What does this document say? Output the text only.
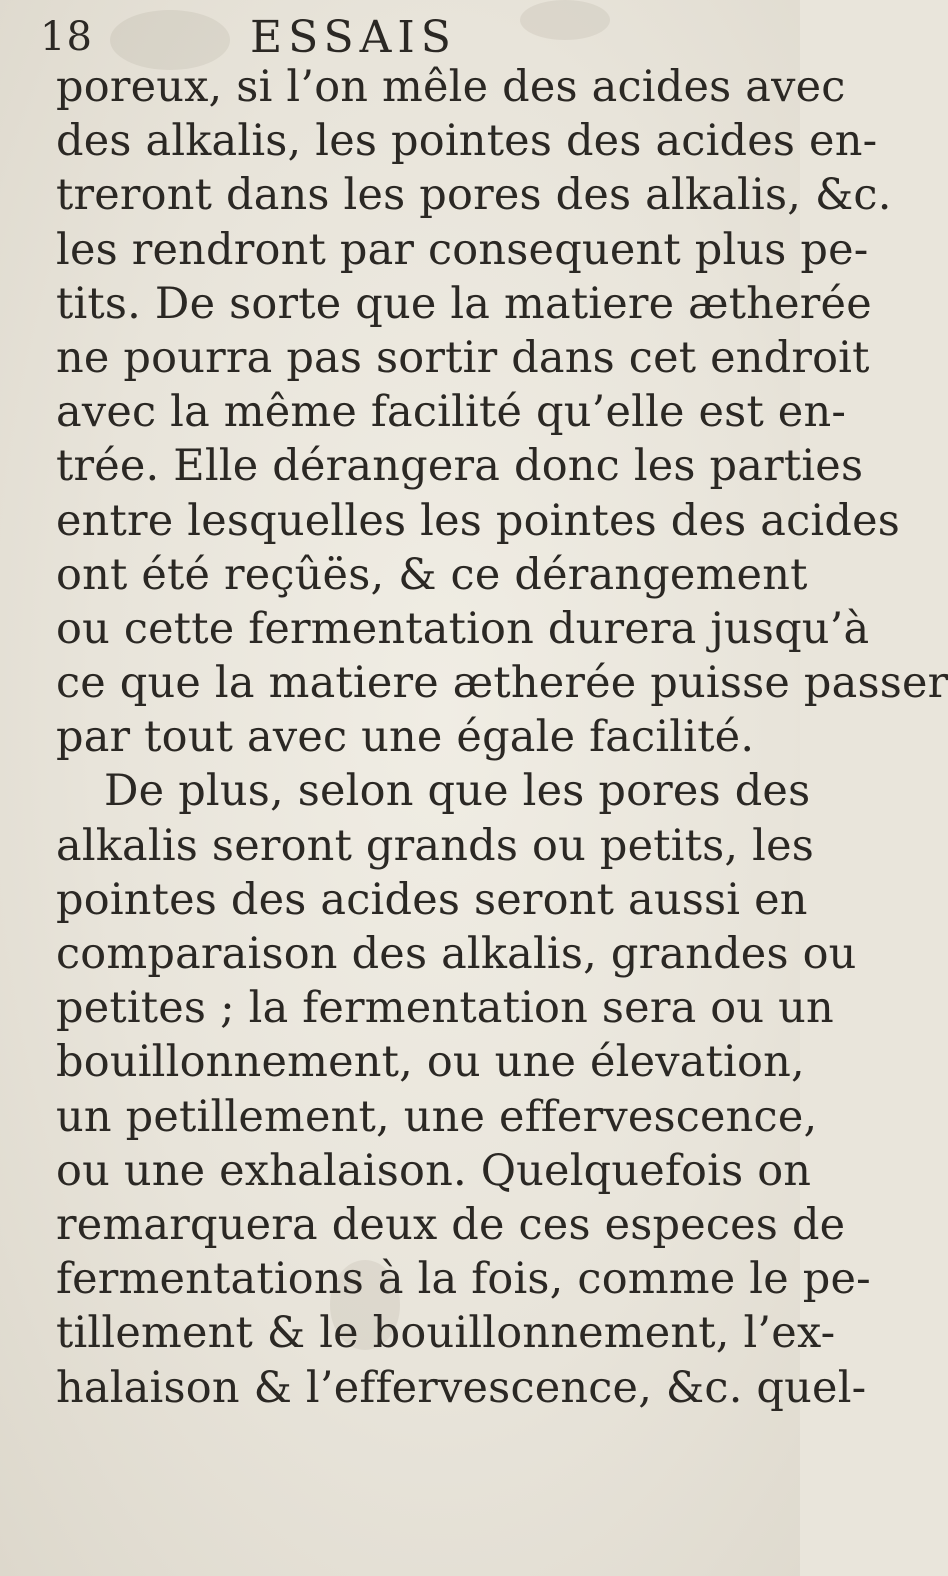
18	ESSAIS
poreux, si l’on mêle des acides avec
des alkalis, les pointes des acides en-
treront dans les pores des alkalis, &c.
les rendront par consequent plus pe-
tits. De sorte que la matiere ætherée
ne pourra pas sortir dans cet endroit
avec la même facilité qu’elle est en-
trée. Elle dérangera donc les parties
entre lesquelles les pointes des acides
ont été reçûës, & ce dérangement
ou cette fermentation durera jusqu’à
ce que la matiere ætherée puisse passer
par tout avec une égale facilité.
De plus, selon que les pores des
alkalis seront grands ou petits, les
pointes des acides seront aussi en
comparaison des alkalis, grandes ou
petites ; la fermentation sera ou un
bouillonnement, ou une élevation,
un petillement, une effervescence,
ou une exhalaison. Quelquefois on
remarquera deux de ces especes de
fermentations à la fois, comme le pe-
tillement & le bouillonnement, l’ex-
halaison & l’effervescence, &c. quel-
